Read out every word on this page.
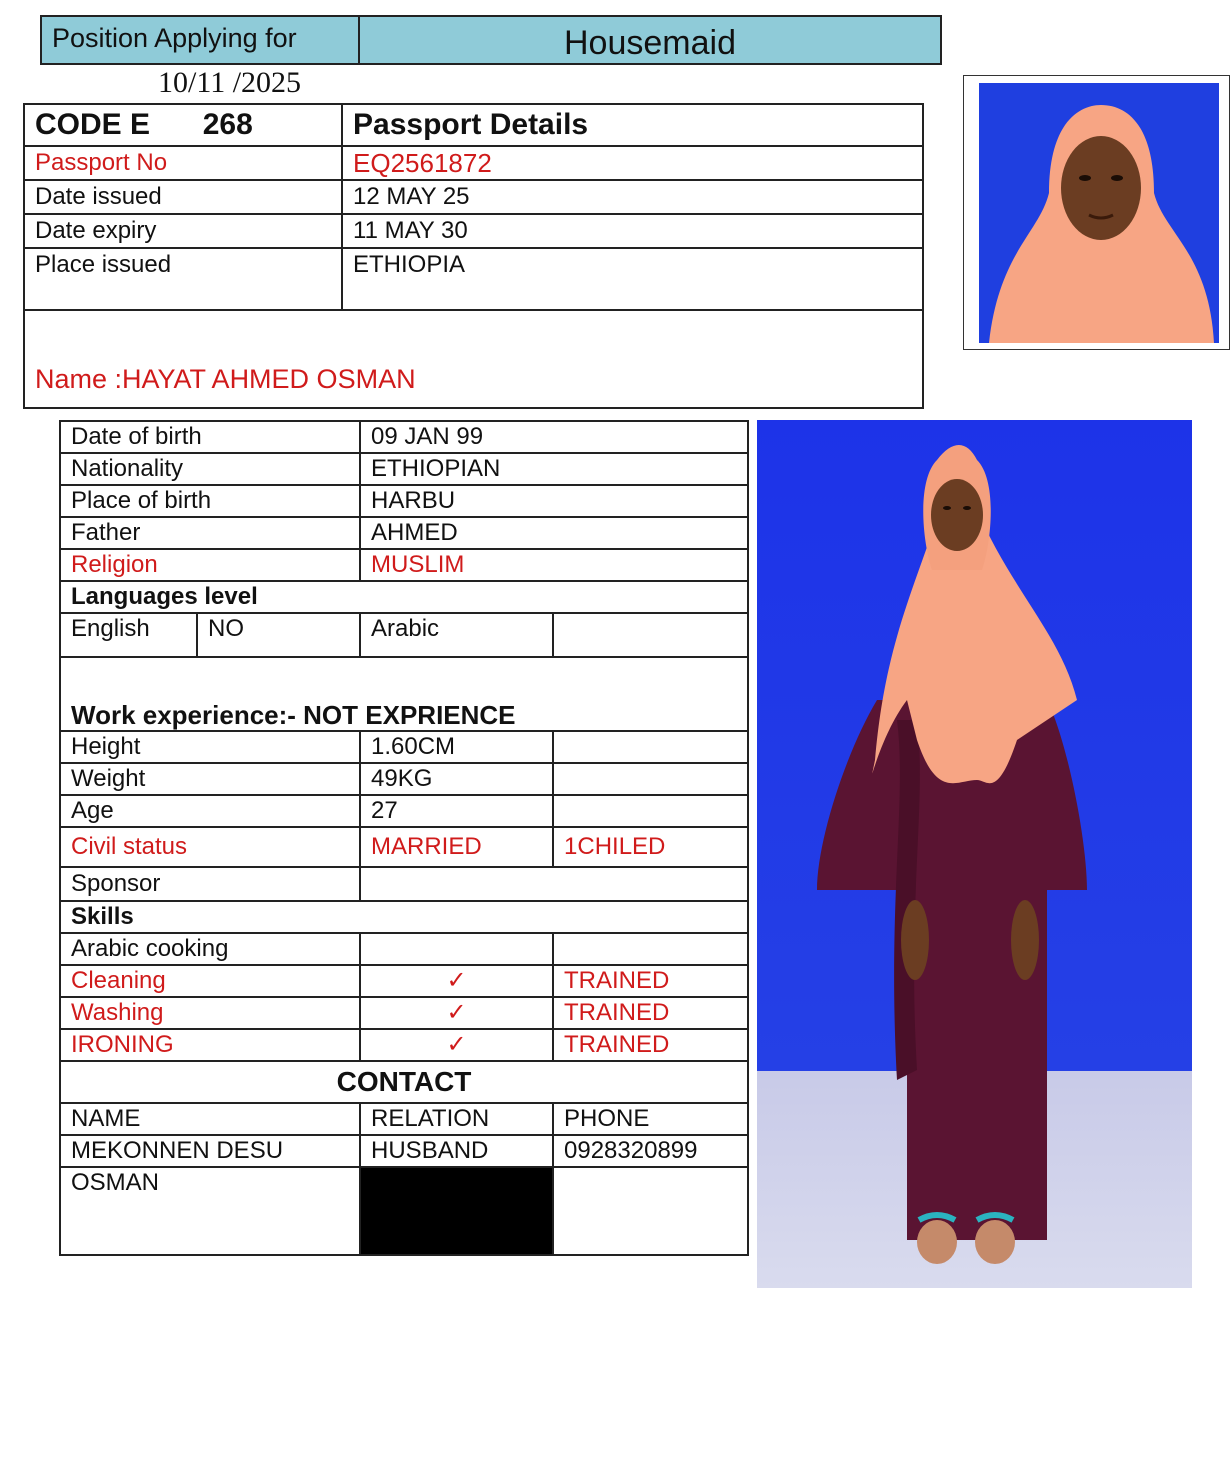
Position Applying for	Housemaid
10/11 /2025
CODE E 268	Passport Details
Passport No	EQ2561872
Date issued	12 MAY 25
Date expiry	11 MAY 30
Place issued	ETHIOPIA
Name :HAYAT AHMED OSMAN	
Date of birth		09 JAN 99	
Nationality		ETHIOPIAN	
Place of birth		HARBU	
Father		AHMED	
Religion		MUSLIM	
Languages level			
English	NO	Arabic	
Work experience:- NOT EXPRIENCE			
Height		1.60CM	
Weight		49KG	
Age		27	
Civil status		MARRIED	1CHILED
Sponsor			
Skills			
Arabic cooking			
Cleaning		✓	TRAINED
Washing		✓	TRAINED
IRONING		✓	TRAINED
CONTACT			
NAME		RELATION	PHONE
MEKONNEN DESU		HUSBAND	0928320899
OSMAN			
